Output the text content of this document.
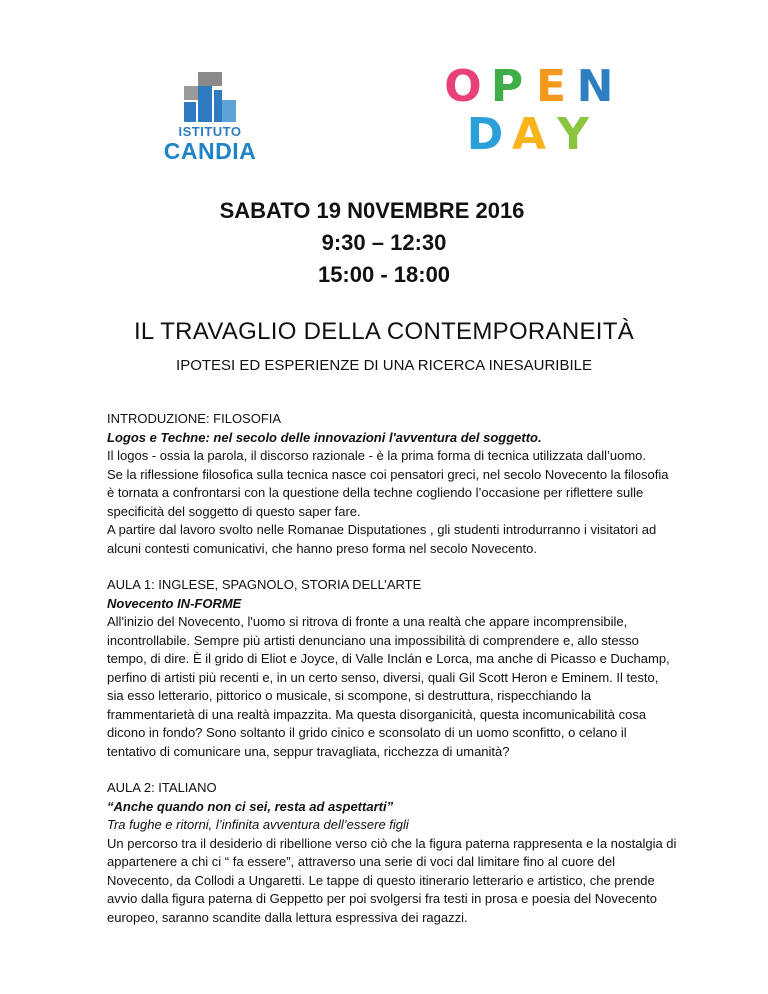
ISTITUTO
CANDIA
O P E N
D A Y
SABATO 19 N0VEMBRE 2016
9:30 – 12:30
15:00 - 18:00
IL TRAVAGLIO DELLA CONTEMPORANEITÀ
IPOTESI ED ESPERIENZE DI UNA RICERCA INESAURIBILE

INTRODUZIONE: FILOSOFIA

Logos e Techne: nel secolo delle innovazioni l'avventura del soggetto.

Il logos - ossia la parola, il discorso razionale - è la prima forma di tecnica utilizzata dall’uomo.

Se la riflessione filosofica sulla tecnica nasce coi pensatori greci, nel secolo Novecento la filosofia è tornata a confrontarsi con la questione della techne cogliendo l’occasione per riflettere sulle specificità del soggetto di questo saper fare.

A partire dal lavoro svolto nelle Romanae Disputationes , gli studenti introdurranno i visitatori ad alcuni contesti comunicativi, che hanno preso forma nel secolo Novecento.

AULA 1: INGLESE, SPAGNOLO, STORIA DELL’ARTE

Novecento IN-FORME

All'inizio del Novecento, l'uomo si ritrova di fronte a una realtà che appare incomprensibile, incontrollabile. Sempre più artisti denunciano una impossibilità di comprendere e, allo stesso tempo, di dire. È il grido di Eliot e Joyce, di Valle Inclán e Lorca, ma anche di Picasso e Duchamp, perfino di artisti più recenti e, in un certo senso, diversi, quali Gil Scott Heron e Eminem. Il testo, sia esso letterario, pittorico o musicale, si scompone, si destruttura, rispecchiando la frammentarietà di una realtà impazzita. Ma questa disorganicità, questa incomunicabilità cosa dicono in fondo? Sono soltanto il grido cinico e sconsolato di un uomo sconfitto, o celano il tentativo di comunicare una, seppur travagliata, ricchezza di umanità?

AULA 2: ITALIANO

“Anche quando non ci sei, resta ad aspettarti”

Tra fughe e ritorni, l’infinita avventura dell’essere figli

Un percorso tra il desiderio di ribellione verso ciò che la figura paterna rappresenta e la nostalgia di appartenere a chi ci “ fa essere”, attraverso una serie di voci dal limitare fino al cuore del Novecento, da Collodi a Ungaretti. Le tappe di questo itinerario letterario e artistico, che prende avvio dalla figura paterna di Geppetto per poi svolgersi fra testi in prosa e poesia del Novecento europeo, saranno scandite dalla lettura espressiva dei ragazzi.
